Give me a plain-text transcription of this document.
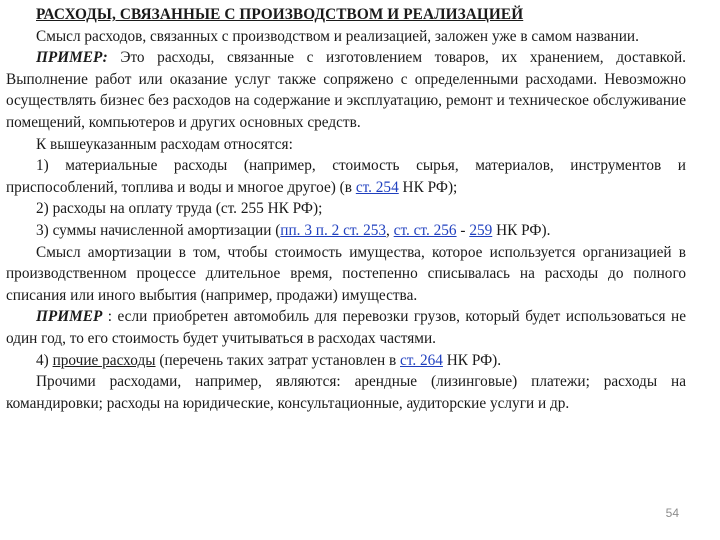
РАСХОДЫ, СВЯЗАННЫЕ С ПРОИЗВОДСТВОМ И РЕАЛИЗАЦИЕЙ

Смысл расходов, связанных с производством и реализацией, заложен уже в самом названии.

ПРИМЕР: Это расходы, связанные с изготовлением товаров, их хранением, доставкой. Выполнение работ или оказание услуг также сопряжено с определенными расходами. Невозможно осуществлять бизнес без расходов на содержание и эксплуатацию, ремонт и техническое обслуживание помещений, компьютеров и других основных средств.

К вышеуказанным расходам относятся:

1) материальные расходы (например, стоимость сырья, материалов, инструментов и приспособлений, топлива и воды и многое другое) (в ст. 254 НК РФ);

2) расходы на оплату труда (ст. 255 НК РФ);

3) суммы начисленной амортизации (пп. 3 п. 2 ст. 253, ст. ст. 256 - 259 НК РФ).

Смысл амортизации в том, чтобы стоимость имущества, которое используется организацией в производственном процессе длительное время, постепенно списывалась на расходы до полного списания или иного выбытия (например, продажи) имущества.

ПРИМЕР : если приобретен автомобиль для перевозки грузов, который будет использоваться не один год, то его стоимость будет учитываться в расходах частями.

4) прочие расходы (перечень таких затрат установлен в ст. 264 НК РФ).

Прочими расходами, например, являются: арендные (лизинговые) платежи; расходы на командировки; расходы на юридические, консультационные, аудиторские услуги и др.

54
